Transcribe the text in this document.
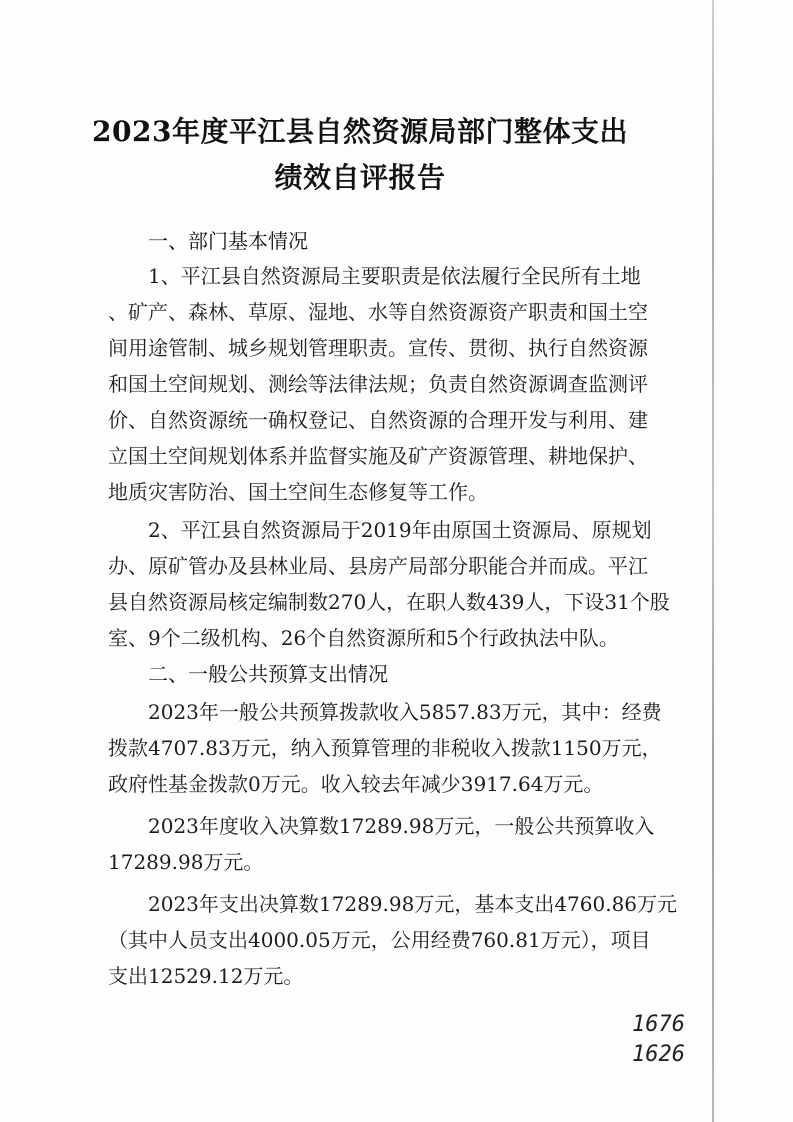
2023年度平江县自然资源局部门整体支出
绩效自评报告
一、部门基本情况
1、平江县自然资源局主要职责是依法履行全民所有土地
、矿产、森林、草原、湿地、水等自然资源资产职责和国土空
间用途管制、城乡规划管理职责。宣传、贯彻、执行自然资源
和国土空间规划、测绘等法律法规；负责自然资源调查监测评
价、自然资源统一确权登记、自然资源的合理开发与利用、建
立国土空间规划体系并监督实施及矿产资源管理、耕地保护、
地质灾害防治、国土空间生态修复等工作。
2、平江县自然资源局于2019年由原国土资源局、原规划
办、原矿管办及县林业局、县房产局部分职能合并而成。平江
县自然资源局核定编制数270人，在职人数439人，下设31个股
室、9个二级机构、26个自然资源所和5个行政执法中队。
二、一般公共预算支出情况
2023年一般公共预算拨款收入5857.83万元，其中：经费
拨款4707.83万元，纳入预算管理的非税收入拨款1150万元，
政府性基金拨款0万元。收入较去年减少3917.64万元。
2023年度收入决算数17289.98万元，一般公共预算收入
17289.98万元。
2023年支出决算数17289.98万元，基本支出4760.86万元
（其中人员支出4000.05万元，公用经费760.81万元），项目
支出12529.12万元。
1676
1626
